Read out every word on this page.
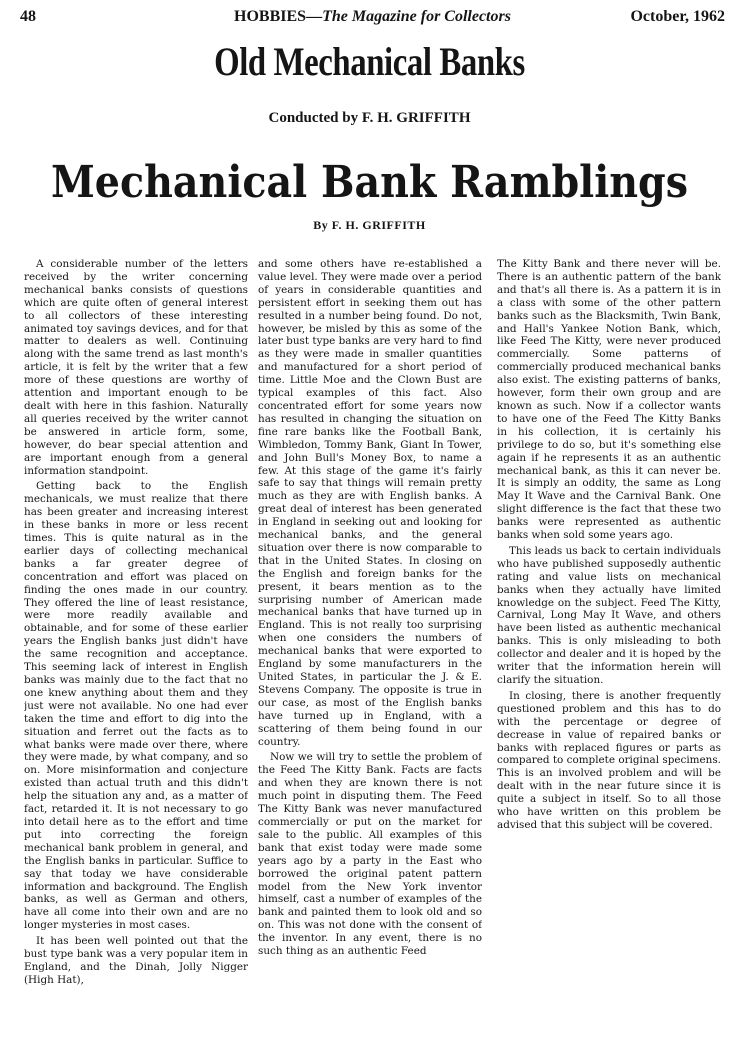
48	HOBBIES—The Magazine for Collectors	October, 1962
Old Mechanical Banks
Conducted by F. H. GRIFFITH
Mechanical Bank Ramblings
By F. H. GRIFFITH

A considerable number of the letters received by the writer concerning mechanical banks consists of questions which are quite often of general interest to all collectors of these interesting animated toy savings devices, and for that matter to dealers as well. Continuing along with the same trend as last month's article, it is felt by the writer that a few more of these questions are worthy of attention and important enough to be dealt with here in this fashion. Naturally all queries received by the writer cannot be answered in article form, some, however, do bear special attention and are important enough from a general information standpoint.

Getting back to the English mechanicals, we must realize that there has been greater and increasing interest in these banks in more or less recent times. This is quite natural as in the earlier days of collecting mechanical banks a far greater degree of concentration and effort was placed on finding the ones made in our country. They offered the line of least resistance, were more readily available and obtainable, and for some of these earlier years the English banks just didn't have the same recognition and acceptance. This seeming lack of interest in English banks was mainly due to the fact that no one knew anything about them and they just were not available. No one had ever taken the time and effort to dig into the situation and ferret out the facts as to what banks were made over there, where they were made, by what company, and so on. More misinformation and conjecture existed than actual truth and this didn't help the situation any and, as a matter of fact, retarded it. It is not necessary to go into detail here as to the effort and time put into correcting the foreign mechanical bank problem in general, and the English banks in particular. Suffice to say that today we have considerable information and background. The English banks, as well as German and others, have all come into their own and are no longer mysteries in most cases.

It has been well pointed out that the bust type bank was a very popular item in England, and the Dinah, Jolly Nigger (High Hat),

and some others have re-established a value level. They were made over a period of years in considerable quantities and persistent effort in seeking them out has resulted in a number being found. Do not, however, be misled by this as some of the later bust type banks are very hard to find as they were made in smaller quantities and manufactured for a short period of time. Little Moe and the Clown Bust are typical examples of this fact. Also concentrated effort for some years now has resulted in changing the situation on fine rare banks like the Football Bank, Wimbledon, Tommy Bank, Giant In Tower, and John Bull's Money Box, to name a few. At this stage of the game it's fairly safe to say that things will remain pretty much as they are with English banks. A great deal of interest has been generated in England in seeking out and looking for mechanical banks, and the general situation over there is now comparable to that in the United States. In closing on the English and foreign banks for the present, it bears mention as to the surprising number of American made mechanical banks that have turned up in England. This is not really too surprising when one considers the numbers of mechanical banks that were exported to England by some manufacturers in the United States, in particular the J. & E. Stevens Company. The opposite is true in our case, as most of the English banks have turned up in England, with a scattering of them being found in our country.

Now we will try to settle the problem of the Feed The Kitty Bank. Facts are facts and when they are known there is not much point in disputing them. The Feed The Kitty Bank was never manufactured commercially or put on the market for sale to the public. All examples of this bank that exist today were made some years ago by a party in the East who borrowed the original patent pattern model from the New York inventor himself, cast a number of examples of the bank and painted them to look old and so on. This was not done with the consent of the inventor. In any event, there is no such thing as an authentic Feed

The Kitty Bank and there never will be. There is an authentic pattern of the bank and that's all there is. As a pattern it is in a class with some of the other pattern banks such as the Blacksmith, Twin Bank, and Hall's Yankee Notion Bank, which, like Feed The Kitty, were never produced commercially. Some patterns of commercially produced mechanical banks also exist. The existing patterns of banks, however, form their own group and are known as such. Now if a collector wants to have one of the Feed The Kitty Banks in his collection, it is certainly his privilege to do so, but it's something else again if he represents it as an authentic mechanical bank, as this it can never be. It is simply an oddity, the same as Long May It Wave and the Carnival Bank. One slight difference is the fact that these two banks were represented as authentic banks when sold some years ago.

This leads us back to certain individuals who have published supposedly authentic rating and value lists on mechanical banks when they actually have limited knowledge on the subject. Feed The Kitty, Carnival, Long May It Wave, and others have been listed as authentic mechanical banks. This is only misleading to both collector and dealer and it is hoped by the writer that the information herein will clarify the situation.

In closing, there is another frequently questioned problem and this has to do with the percentage or degree of decrease in value of repaired banks or banks with replaced figures or parts as compared to complete original specimens. This is an involved problem and will be dealt with in the near future since it is quite a subject in itself. So to all those who have written on this problem be advised that this subject will be covered.
